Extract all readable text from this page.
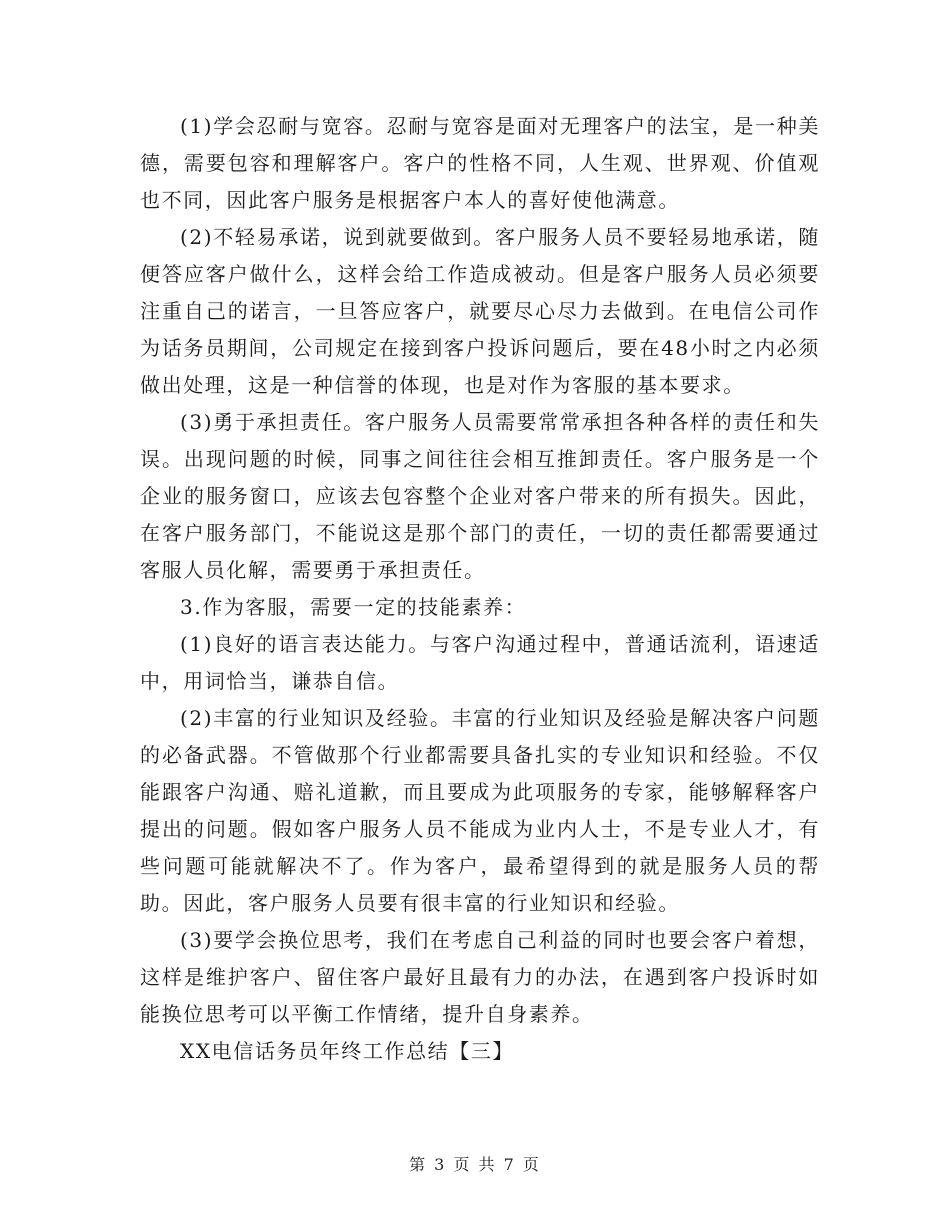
(1)学会忍耐与宽容。忍耐与宽容是面对无理客户的法宝，是一种美德，需要包容和理解客户。客户的性格不同，人生观、世界观、价值观也不同，因此客户服务是根据客户本人的喜好使他满意。

(2)不轻易承诺，说到就要做到。客户服务人员不要轻易地承诺，随便答应客户做什么，这样会给工作造成被动。但是客户服务人员必须要注重自己的诺言，一旦答应客户，就要尽心尽力去做到。在电信公司作为话务员期间，公司规定在接到客户投诉问题后，要在48小时之内必须做出处理，这是一种信誉的体现，也是对作为客服的基本要求。

(3)勇于承担责任。客户服务人员需要常常承担各种各样的责任和失误。出现问题的时候，同事之间往往会相互推卸责任。客户服务是一个企业的服务窗口，应该去包容整个企业对客户带来的所有损失。因此，在客户服务部门，不能说这是那个部门的责任，一切的责任都需要通过客服人员化解，需要勇于承担责任。

3.作为客服，需要一定的技能素养：

(1)良好的语言表达能力。与客户沟通过程中，普通话流利，语速适中，用词恰当，谦恭自信。

(2)丰富的行业知识及经验。丰富的行业知识及经验是解决客户问题的必备武器。不管做那个行业都需要具备扎实的专业知识和经验。不仅能跟客户沟通、赔礼道歉，而且要成为此项服务的专家，能够解释客户提出的问题。假如客户服务人员不能成为业内人士，不是专业人才，有些问题可能就解决不了。作为客户，最希望得到的就是服务人员的帮助。因此，客户服务人员要有很丰富的行业知识和经验。

(3)要学会换位思考，我们在考虑自己利益的同时也要会客户着想，这样是维护客户、留住客户最好且最有力的办法，在遇到客户投诉时如能换位思考可以平衡工作情绪，提升自身素养。

XX电信话务员年终工作总结【三】

第 3 页 共 7 页
